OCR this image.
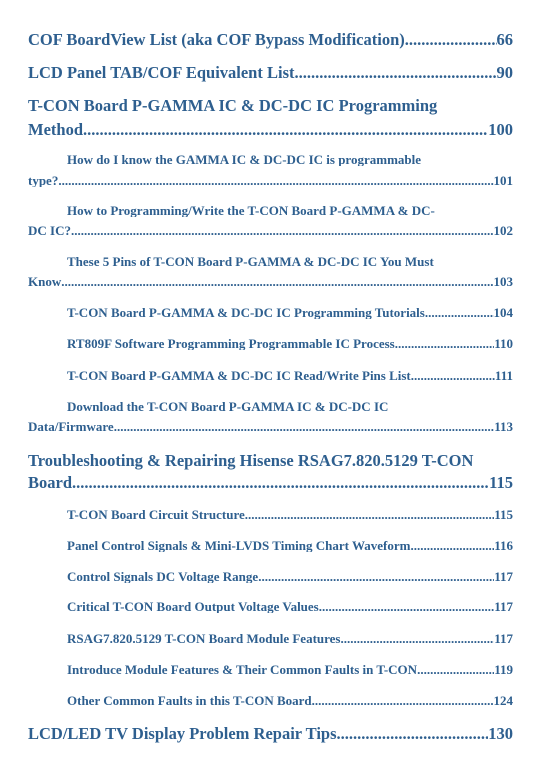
COF BoardView List (aka COF Bypass Modification) .....	66
LCD Panel TAB/COF Equivalent List .....	90
T-CON Board P-GAMMA IC & DC-DC IC Programming
Method .....	100
How do I know the GAMMA IC & DC-DC IC is programmable
type? .....	101
How to Programming/Write the T-CON Board P-GAMMA & DC-
DC IC? .....	102
These 5 Pins of T-CON Board P-GAMMA & DC-DC IC You Must
Know .....	103
T-CON Board P-GAMMA & DC-DC IC Programming Tutorials .....	104
RT809F Software Programming Programmable IC Process .....	110
T-CON Board P-GAMMA & DC-DC IC Read/Write Pins List .....	111
Download the T-CON Board P-GAMMA IC & DC-DC IC
Data/Firmware .....	113
Troubleshooting & Repairing Hisense RSAG7.820.5129 T-CON
Board .....	115
T-CON Board Circuit Structure .....	115
Panel Control Signals & Mini-LVDS Timing Chart Waveform .....	116
Control Signals DC Voltage Range .....	117
Critical T-CON Board Output Voltage Values .....	117
RSAG7.820.5129 T-CON Board Module Features .....	117
Introduce Module Features & Their Common Faults in T-CON .....	119
Other Common Faults in this T-CON Board .....	124
LCD/LED TV Display Problem Repair Tips .....	130
